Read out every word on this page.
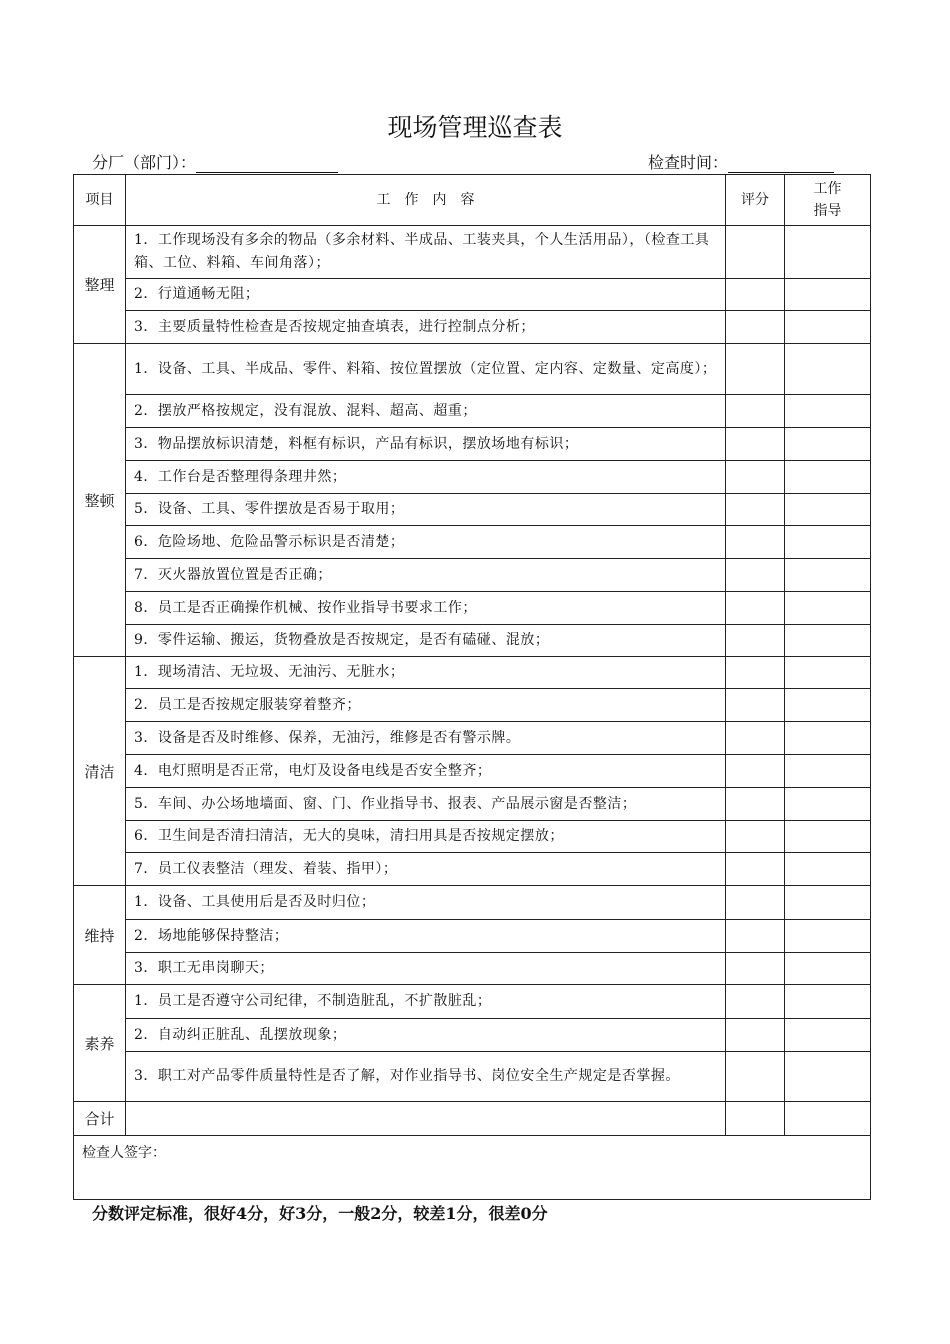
现场管理巡查表
分厂（部门）：	检查时间：
项目	工　作　内　容	评分	工作指导

整理	1．工作现场没有多余的物品（多余材料、半成品、工装夹具，个人生活用品），（检查工具箱、工位、料箱、车间角落）；		
	2．行道通畅无阻；		
	3．主要质量特性检查是否按规定抽查填表，进行控制点分析；		
整顿	1．设备、工具、半成品、零件、料箱、按位置摆放（定位置、定内容、定数量、定高度）；		
	2．摆放严格按规定，没有混放、混料、超高、超重；		
	3．物品摆放标识清楚，料框有标识，产品有标识，摆放场地有标识；		
	4．工作台是否整理得条理井然；		
	5．设备、工具、零件摆放是否易于取用；		
	6．危险场地、危险品警示标识是否清楚；		
	7．灭火器放置位置是否正确；		
	8．员工是否正确操作机械、按作业指导书要求工作；		
	9．零件运输、搬运，货物叠放是否按规定，是否有磕碰、混放；		
清洁	1．现场清洁、无垃圾、无油污、无脏水；		
	2．员工是否按规定服装穿着整齐；		
	3．设备是否及时维修、保养，无油污，维修是否有警示牌。		
	4．电灯照明是否正常，电灯及设备电线是否安全整齐；		
	5．车间、办公场地墙面、窗、门、作业指导书、报表、产品展示窗是否整洁；		
	6．卫生间是否清扫清洁，无大的臭味，清扫用具是否按规定摆放；		
	7．员工仪表整洁（理发、着装、指甲）；		
维持	1．设备、工具使用后是否及时归位；		
	2．场地能够保持整洁；		
	3．职工无串岗聊天；		
素养	1．员工是否遵守公司纪律，不制造脏乱，不扩散脏乱；		
	2．自动纠正脏乱、乱摆放现象；		
	3．职工对产品零件质量特性是否了解，对作业指导书、岗位安全生产规定是否掌握。		
合计			
检查人签字：			
分数评定标准，很好4分，好3分，一般2分，较差1分，很差0分
